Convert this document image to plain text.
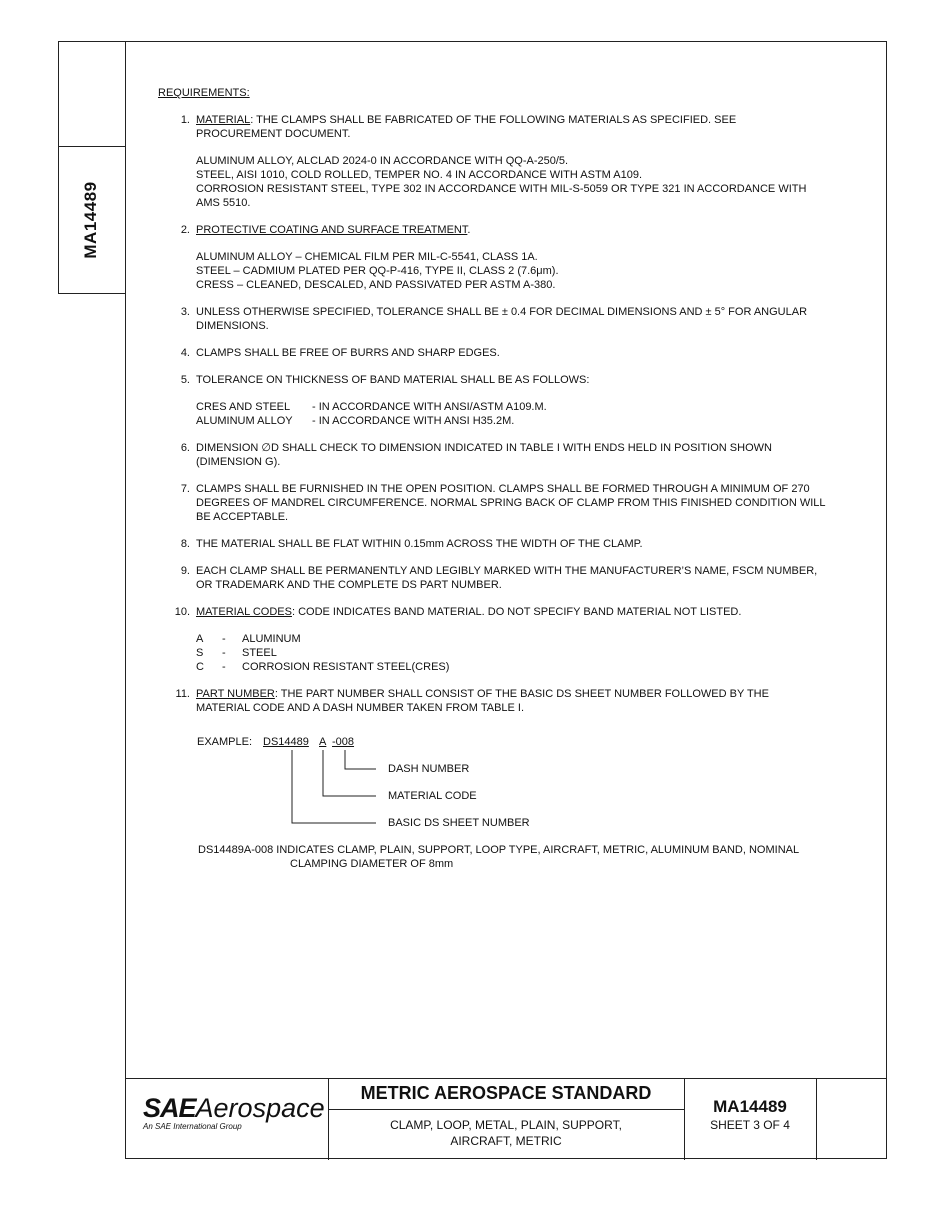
MA14489
REQUIREMENTS:
1. MATERIAL: THE CLAMPS SHALL BE FABRICATED OF THE FOLLOWING MATERIALS AS SPECIFIED. SEE
PROCUREMENT DOCUMENT.
ALUMINUM ALLOY, ALCLAD 2024-0 IN ACCORDANCE WITH QQ-A-250/5.
STEEL, AISI 1010, COLD ROLLED, TEMPER NO. 4 IN ACCORDANCE WITH ASTM A109.
CORROSION RESISTANT STEEL, TYPE 302 IN ACCORDANCE WITH MIL-S-5059 OR TYPE 321 IN ACCORDANCE WITH
AMS 5510.
2. PROTECTIVE COATING AND SURFACE TREATMENT.
ALUMINUM ALLOY – CHEMICAL FILM PER MIL-C-5541, CLASS 1A.
STEEL – CADMIUM PLATED PER QQ-P-416, TYPE II, CLASS 2 (7.6μm).
CRESS – CLEANED, DESCALED, AND PASSIVATED PER ASTM A-380.
3. UNLESS OTHERWISE SPECIFIED, TOLERANCE SHALL BE ± 0.4 FOR DECIMAL DIMENSIONS AND ± 5° FOR ANGULAR
DIMENSIONS.
4. CLAMPS SHALL BE FREE OF BURRS AND SHARP EDGES.
5. TOLERANCE ON THICKNESS OF BAND MATERIAL SHALL BE AS FOLLOWS:
CRES AND STEEL	- IN ACCORDANCE WITH ANSI/ASTM A109.M.
ALUMINUM ALLOY	- IN ACCORDANCE WITH ANSI H35.2M.
6. DIMENSION ∅D SHALL CHECK TO DIMENSION INDICATED IN TABLE I WITH ENDS HELD IN POSITION SHOWN
(DIMENSION G).
7. CLAMPS SHALL BE FURNISHED IN THE OPEN POSITION. CLAMPS SHALL BE FORMED THROUGH A MINIMUM OF 270
DEGREES OF MANDREL CIRCUMFERENCE. NORMAL SPRING BACK OF CLAMP FROM THIS FINISHED CONDITION WILL
BE ACCEPTABLE.
8. THE MATERIAL SHALL BE FLAT WITHIN 0.15mm ACROSS THE WIDTH OF THE CLAMP.
9. EACH CLAMP SHALL BE PERMANENTLY AND LEGIBLY MARKED WITH THE MANUFACTURER’S NAME, FSCM NUMBER,
OR TRADEMARK AND THE COMPLETE DS PART NUMBER.
10. MATERIAL CODES: CODE INDICATES BAND MATERIAL. DO NOT SPECIFY BAND MATERIAL NOT LISTED.
A	-	ALUMINUM
S	-	STEEL
C	-	CORROSION RESISTANT STEEL(CRES)
11. PART NUMBER: THE PART NUMBER SHALL CONSIST OF THE BASIC DS SHEET NUMBER FOLLOWED BY THE
MATERIAL CODE AND A DASH NUMBER TAKEN FROM TABLE I.
EXAMPLE: DS14489 A -008
DASH NUMBER
MATERIAL CODE
BASIC DS SHEET NUMBER
DS14489A-008 INDICATES CLAMP, PLAIN, SUPPORT, LOOP TYPE, AIRCRAFT, METRIC, ALUMINUM BAND, NOMINAL
CLAMPING DIAMETER OF 8mm
SAEAerospace
An SAE International Group
METRIC AEROSPACE STANDARD
CLAMP, LOOP, METAL, PLAIN, SUPPORT,
AIRCRAFT, METRIC
MA14489
SHEET 3 OF 4
